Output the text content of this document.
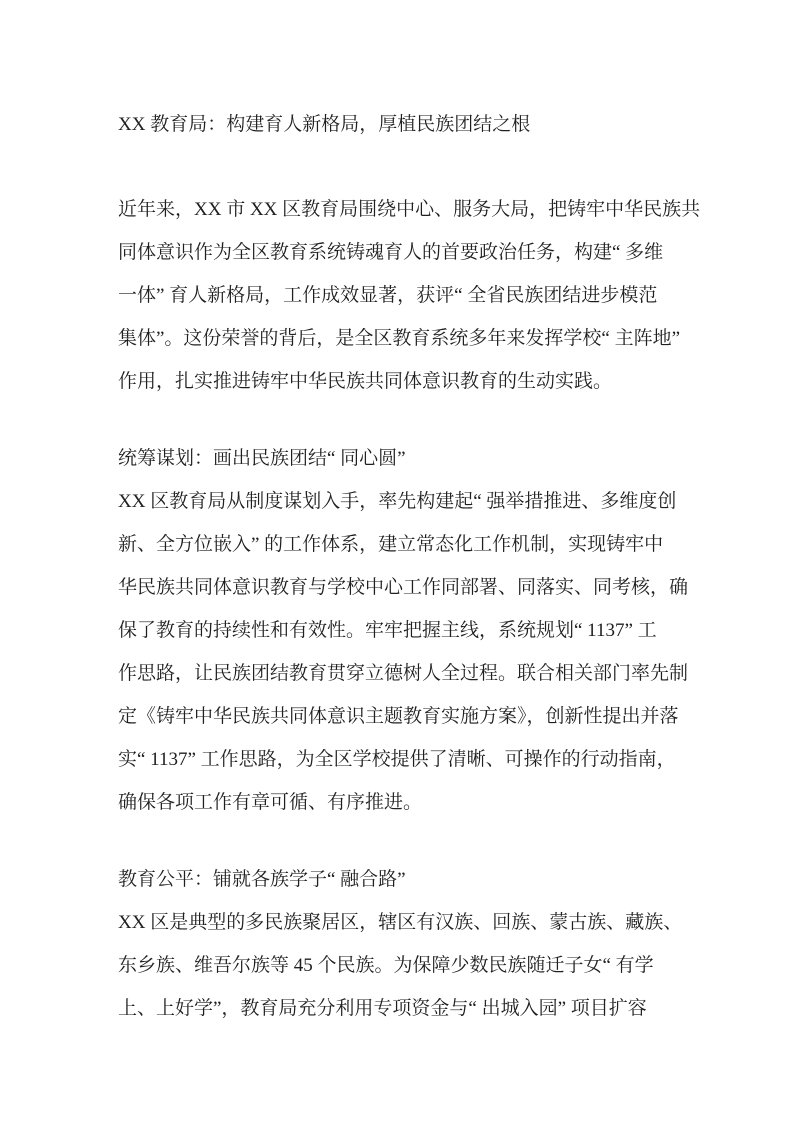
XX 教育局：构建育人新格局，厚植民族团结之根
近年来，XX 市 XX 区教育局围绕中心、服务大局，把铸牢中华民族共
同体意识作为全区教育系统铸魂育人的首要政治任务，构建“ 多维
一体” 育人新格局，工作成效显著，获评“ 全省民族团结进步模范
集体”。这份荣誉的背后，是全区教育系统多年来发挥学校“ 主阵地”
作用，扎实推进铸牢中华民族共同体意识教育的生动实践。
统筹谋划：画出民族团结“ 同心圆”
XX 区教育局从制度谋划入手，率先构建起“ 强举措推进、多维度创
新、全方位嵌入” 的工作体系，建立常态化工作机制，实现铸牢中
华民族共同体意识教育与学校中心工作同部署、同落实、同考核，确
保了教育的持续性和有效性。牢牢把握主线，系统规划“ 1137” 工
作思路，让民族团结教育贯穿立德树人全过程。联合相关部门率先制
定《铸牢中华民族共同体意识主题教育实施方案》，创新性提出并落
实“ 1137” 工作思路，为全区学校提供了清晰、可操作的行动指南，
确保各项工作有章可循、有序推进。
教育公平：铺就各族学子“ 融合路”
XX 区是典型的多民族聚居区，辖区有汉族、回族、蒙古族、藏族、
东乡族、维吾尔族等 45 个民族。为保障少数民族随迁子女“ 有学
上、上好学”，教育局充分利用专项资金与“ 出城入园” 项目扩容
